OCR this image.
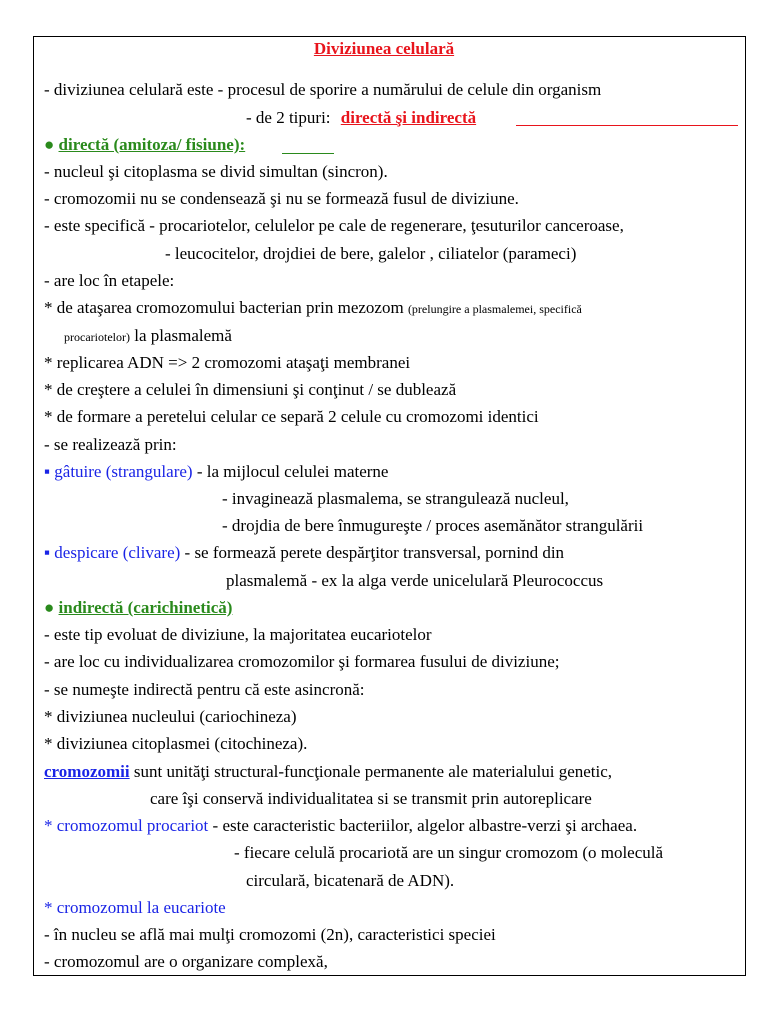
Diviziunea celulară
- diviziunea celulară este - procesul de sporire a numărului de celule din organism
- de 2 tipuri: directă şi indirectă
● directă (amitoza/ fisiune):
- nucleul şi citoplasma se divid simultan (sincron).
- cromozomii nu se condensează şi nu se formează fusul de diviziune.
- este specifică - procariotelor, celulelor pe cale de regenerare, ţesuturilor canceroase,
- leucocitelor, drojdiei de bere, galelor , ciliatelor (parameci)
- are loc în etapele:
* de ataşarea cromozomului bacterian prin mezozom (prelungire a plasmalemei, specifică
procariotelor) la plasmalemă
* replicarea ADN => 2 cromozomi ataşaţi membranei
* de creştere a celulei în dimensiuni şi conţinut / se dublează
* de formare a peretelui celular ce separă 2 celule cu cromozomi identici
- se realizează prin:
▪ gâtuire (strangulare) - la mijlocul celulei materne
- invaginează plasmalema, se strangulează nucleul,
- drojdia de bere înmugureşte / proces asemănător strangulării
▪ despicare (clivare) - se formează perete despărţitor transversal, pornind din
plasmalemă - ex la alga verde unicelulară Pleurococcus
● indirectă (carichinetică)
- este tip evoluat de diviziune, la majoritatea eucariotelor
- are loc cu individualizarea cromozomilor şi formarea fusului de diviziune;
- se numeşte indirectă pentru că este asincronă:
* diviziunea nucleului (cariochineza)
* diviziunea citoplasmei (citochineza).
cromozomii sunt unităţi structural-funcţionale permanente ale materialului genetic,
care îşi conservă individualitatea si se transmit prin autoreplicare
* cromozomul procariot - este caracteristic bacteriilor, algelor albastre-verzi şi archaea.
- fiecare celulă procariotă are un singur cromozom (o moleculă
circulară, bicatenară de ADN).
* cromozomul la eucariote
- în nucleu se află mai mulţi cromozomi (2n), caracteristici speciei
- cromozomul are o organizare complexă,
